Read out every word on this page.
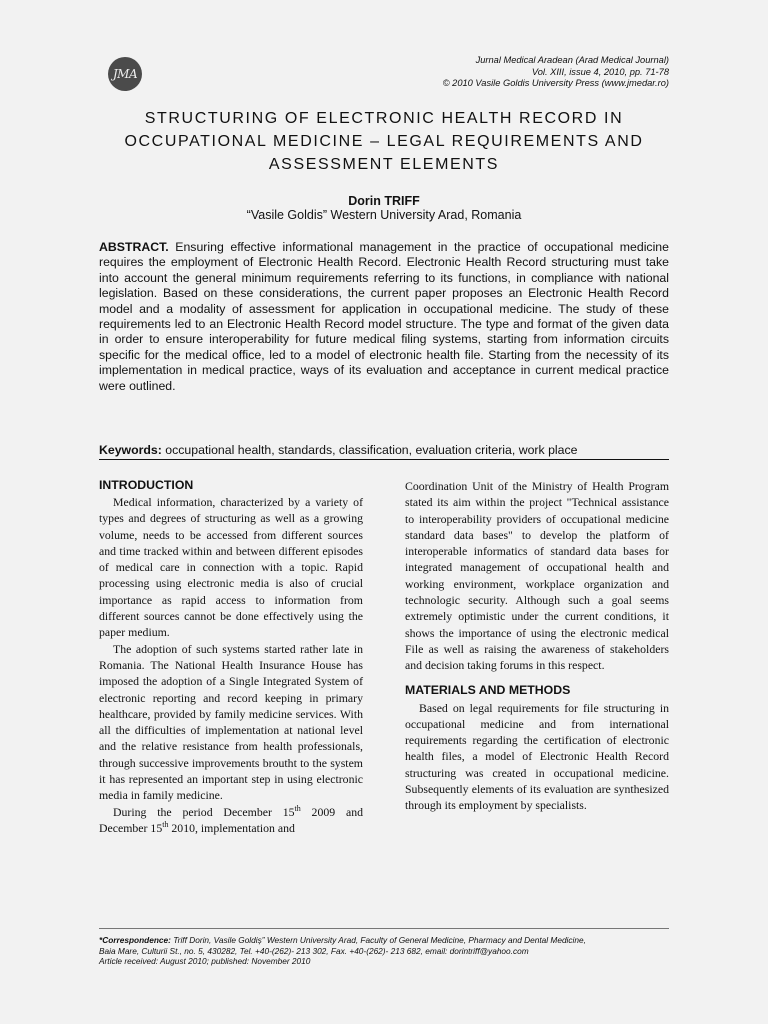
JMA
Jurnal Medical Aradean (Arad Medical Journal)
Vol. XIII, issue 4, 2010, pp. 71-78
© 2010 Vasile Goldis University Press (www.jmedar.ro)
STRUCTURING OF ELECTRONIC HEALTH RECORD IN
OCCUPATIONAL MEDICINE – LEGAL REQUIREMENTS AND
ASSESSMENT ELEMENTS
Dorin TRIFF
“Vasile Goldis” Western University Arad, Romania
ABSTRACT. Ensuring effective informational management in the practice of occupational medicine requires the employment of Electronic Health Record. Electronic Health Record structuring must take into account the general minimum requirements referring to its functions, in compliance with national legislation. Based on these considerations, the current paper proposes an Electronic Health Record model and a modality of assessment for application in occupational medicine. The study of these requirements led to an Electronic Health Record model structure. The type and format of the given data in order to ensure interoperability for future medical filing systems, starting from information circuits specific for the medical office, led to a model of electronic health file. Starting from the necessity of its implementation in medical practice, ways of its evaluation and acceptance in current medical practice were outlined.
Keywords: occupational health, standards, classification, evaluation criteria, work place
INTRODUCTION

Medical information, characterized by a variety of types and degrees of structuring as well as a growing volume, needs to be accessed from different sources and time tracked within and between different episodes of medical care in connection with a topic. Rapid processing using electronic media is also of crucial importance as rapid access to information from different sources cannot be done effectively using the paper medium.

The adoption of such systems started rather late in Romania. The National Health Insurance House has imposed the adoption of a Single Integrated System of electronic reporting and record keeping in primary healthcare, provided by family medicine services. With all the difficulties of implementation at national level and the relative resistance from health professionals, through successive improvements broutht to the system it has represented an important step in using electronic media in family medicine.

During the period December 15th 2009 and December 15th 2010, implementation and

Coordination Unit of the Ministry of Health Program stated its aim within the project "Technical assistance to interoperability providers of occupational medicine standard data bases" to develop the platform of interoperable informatics of standard data bases for integrated management of occupational health and working environment, workplace organization and technologic security. Although such a goal seems extremely optimistic under the current conditions, it shows the importance of using the electronic medical File as well as raising the awareness of stakeholders and decision taking forums in this respect.

MATERIALS AND METHODS

Based on legal requirements for file structuring in occupational medicine and from international requirements regarding the certification of electronic health files, a model of Electronic Health Record structuring was created in occupational medicine. Subsequently elements of its evaluation are synthesized through its employment by specialists.

*Correspondence: Triff Dorin, Vasile Goldiș” Western University Arad, Faculty of General Medicine, Pharmacy and Dental Medicine,
Baia Mare, Culturii St., no. 5, 430282, Tel. +40-(262)- 213 302, Fax. +40-(262)- 213 682, email: dorintriff@yahoo.com
Article received: August 2010; published: November 2010
